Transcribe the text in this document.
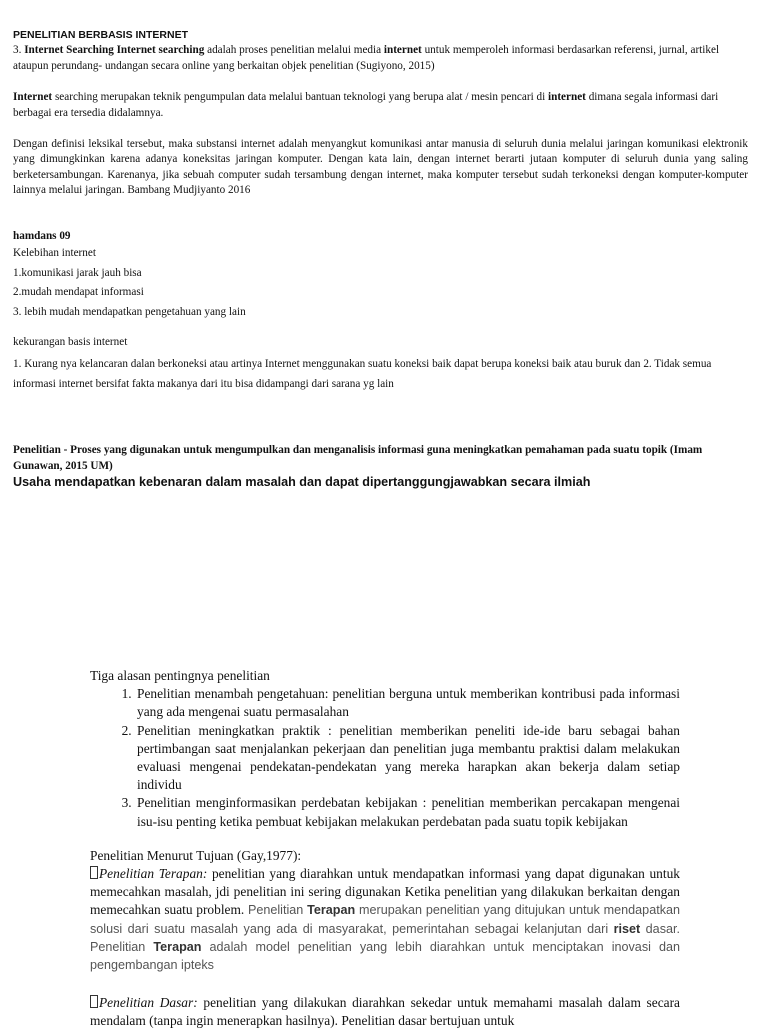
PENELITIAN BERBASIS INTERNET

3. Internet Searching Internet searching adalah proses penelitian melalui media internet untuk memperoleh informasi berdasarkan referensi, jurnal, artikel ataupun perundang- undangan secara online yang berkaitan objek penelitian (Sugiyono, 2015)

Internet searching merupakan teknik pengumpulan data melalui bantuan teknologi yang berupa alat / mesin pencari di internet dimana segala informasi dari berbagai era tersedia didalamnya.

Dengan definisi leksikal tersebut, maka substansi internet adalah menyangkut komunikasi antar manusia di seluruh dunia melalui jaringan komunikasi elektronik yang dimungkinkan karena adanya koneksitas jaringan komputer. Dengan kata lain, dengan internet berarti jutaan komputer di seluruh dunia yang saling berketersambungan. Karenanya, jika sebuah computer sudah tersambung dengan internet, maka komputer tersebut sudah terkoneksi dengan komputer-komputer lainnya melalui jaringan. Bambang Mudjiyanto 2016

hamdans 09

Kelebihan internet

1.komunikasi jarak jauh bisa

2.mudah mendapat informasi

3. lebih mudah mendapatkan pengetahuan yang lain

kekurangan basis internet

1. Kurang nya kelancaran dalan berkoneksi atau artinya Internet menggunakan suatu koneksi baik dapat berupa koneksi baik atau buruk dan 2. Tidak semua informasi internet bersifat fakta makanya dari itu bisa didampangi dari sarana yg lain

Penelitian - Proses yang digunakan untuk mengumpulkan dan menganalisis informasi guna meningkatkan pemahaman pada suatu topik (Imam Gunawan, 2015 UM)

Usaha mendapatkan kebenaran dalam masalah dan dapat dipertanggungjawabkan secara ilmiah

Tiga alasan pentingnya penelitian

1. Penelitian menambah pengetahuan: penelitian berguna untuk memberikan kontribusi pada informasi yang ada mengenai suatu permasalahan
2. Penelitian meningkatkan praktik : penelitian memberikan peneliti ide-ide baru sebagai bahan pertimbangan saat menjalankan pekerjaan dan penelitian juga membantu praktisi dalam melakukan evaluasi mengenai pendekatan-pendekatan yang mereka harapkan akan bekerja dalam setiap individu
3. Penelitian menginformasikan perdebatan kebijakan : penelitian memberikan percakapan mengenai isu-isu penting ketika pembuat kebijakan melakukan perdebatan pada suatu topik kebijakan

Penelitian Menurut Tujuan (Gay,1977):

Penelitian Terapan: penelitian yang diarahkan untuk mendapatkan informasi yang dapat digunakan untuk memecahkan masalah, jdi penelitian ini sering digunakan Ketika penelitian yang dilakukan berkaitan dengan memecahkan suatu problem. Penelitian Terapan merupakan penelitian yang ditujukan untuk mendapatkan solusi dari suatu masalah yang ada di masyarakat, pemerintahan sebagai kelanjutan dari riset dasar. Penelitian Terapan adalah model penelitian yang lebih diarahkan untuk menciptakan inovasi dan pengembangan ipteks

Penelitian Dasar: penelitian yang dilakukan diarahkan sekedar untuk memahami masalah dalam secara mendalam (tanpa ingin menerapkan hasilnya). Penelitian dasar bertujuan untuk
